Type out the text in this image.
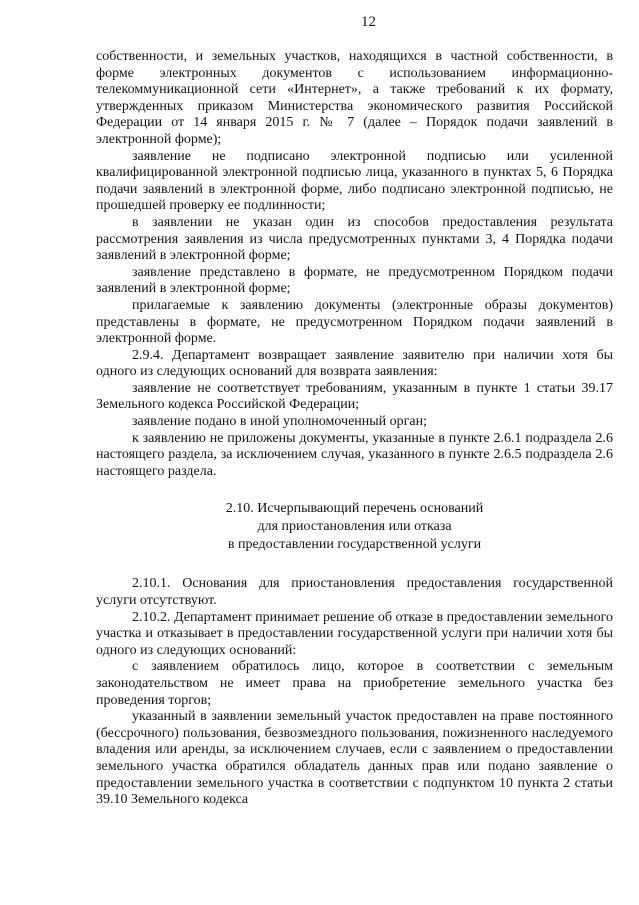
12

собственности, и земельных участков, находящихся в частной собственности, в форме электронных документов с использованием информационно-телекоммуникационной сети «Интернет», а также требований к их формату, утвержденных приказом Министерства экономического развития Российской Федерации от 14 января 2015 г. № 7 (далее – Порядок подачи заявлений в электронной форме);

заявление не подписано электронной подписью или усиленной квалифицированной электронной подписью лица, указанного в пунктах 5, 6 Порядка подачи заявлений в электронной форме, либо подписано электронной подписью, не прошедшей проверку ее подлинности;

в заявлении не указан один из способов предоставления результата рассмотрения заявления из числа предусмотренных пунктами 3, 4 Порядка подачи заявлений в электронной форме;

заявление представлено в формате, не предусмотренном Порядком подачи заявлений в электронной форме;

прилагаемые к заявлению документы (электронные образы документов) представлены в формате, не предусмотренном Порядком подачи заявлений в электронной форме.

2.9.4. Департамент возвращает заявление заявителю при наличии хотя бы одного из следующих оснований для возврата заявления:

заявление не соответствует требованиям, указанным в пункте 1 статьи 39.17 Земельного кодекса Российской Федерации;

заявление подано в иной уполномоченный орган;

к заявлению не приложены документы, указанные в пункте 2.6.1 подраздела 2.6 настоящего раздела, за исключением случая, указанного в пункте 2.6.5 подраздела 2.6 настоящего раздела.

2.10. Исчерпывающий перечень оснований
для приостановления или отказа
в предоставлении государственной услуги

2.10.1. Основания для приостановления предоставления государственной услуги отсутствуют.

2.10.2. Департамент принимает решение об отказе в предоставлении земельного участка и отказывает в предоставлении государственной услуги при наличии хотя бы одного из следующих оснований:

с заявлением обратилось лицо, которое в соответствии с земельным законодательством не имеет права на приобретение земельного участка без проведения торгов;

указанный в заявлении земельный участок предоставлен на праве постоянного (бессрочного) пользования, безвозмездного пользования, пожизненного наследуемого владения или аренды, за исключением случаев, если с заявлением о предоставлении земельного участка обратился обладатель данных прав или подано заявление о предоставлении земельного участка в соответствии с подпунктом 10 пункта 2 статьи 39.10 Земельного кодекса
